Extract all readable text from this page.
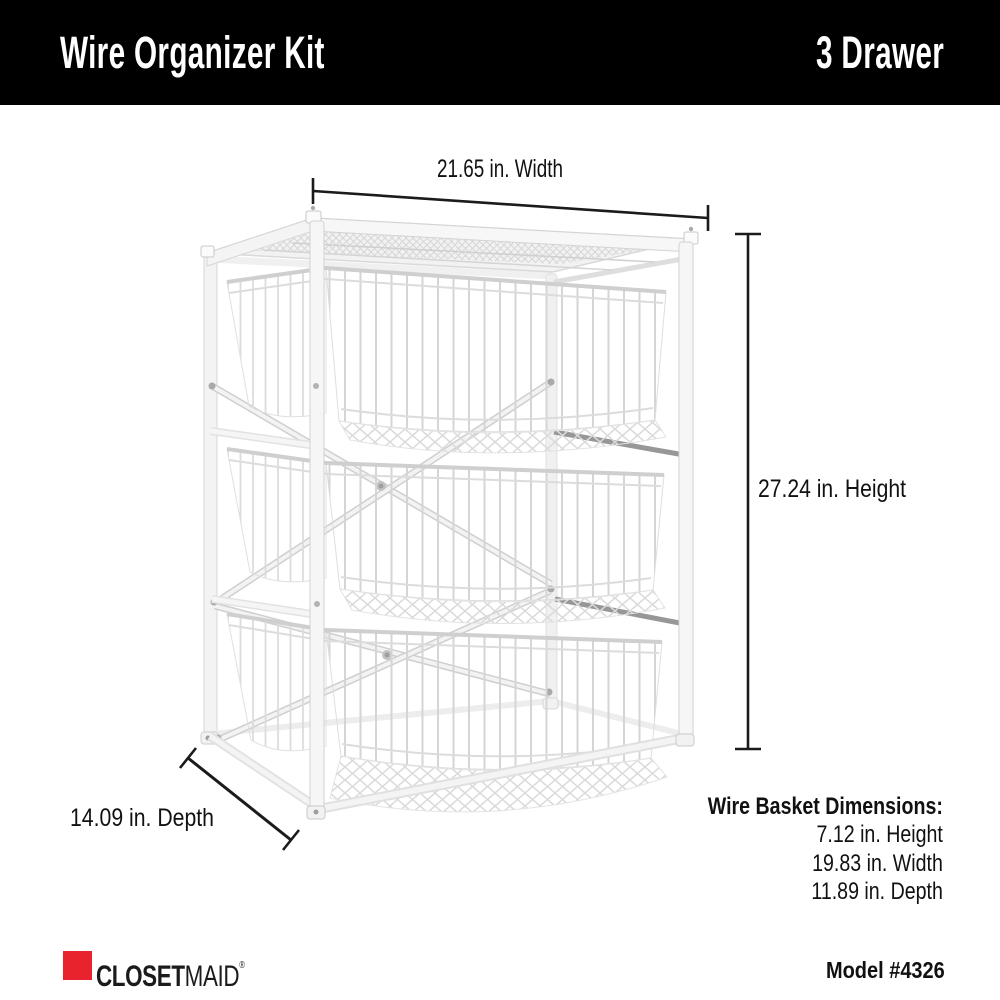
Wire Organizer Kit	3 Drawer
21.65 in. Width
27.24 in. Height
14.09 in. Depth	Wire Basket Dimensions:
7.12 in. Height
19.83 in. Width
11.89 in. Depth
CLOSETMAID®	Model #4326
